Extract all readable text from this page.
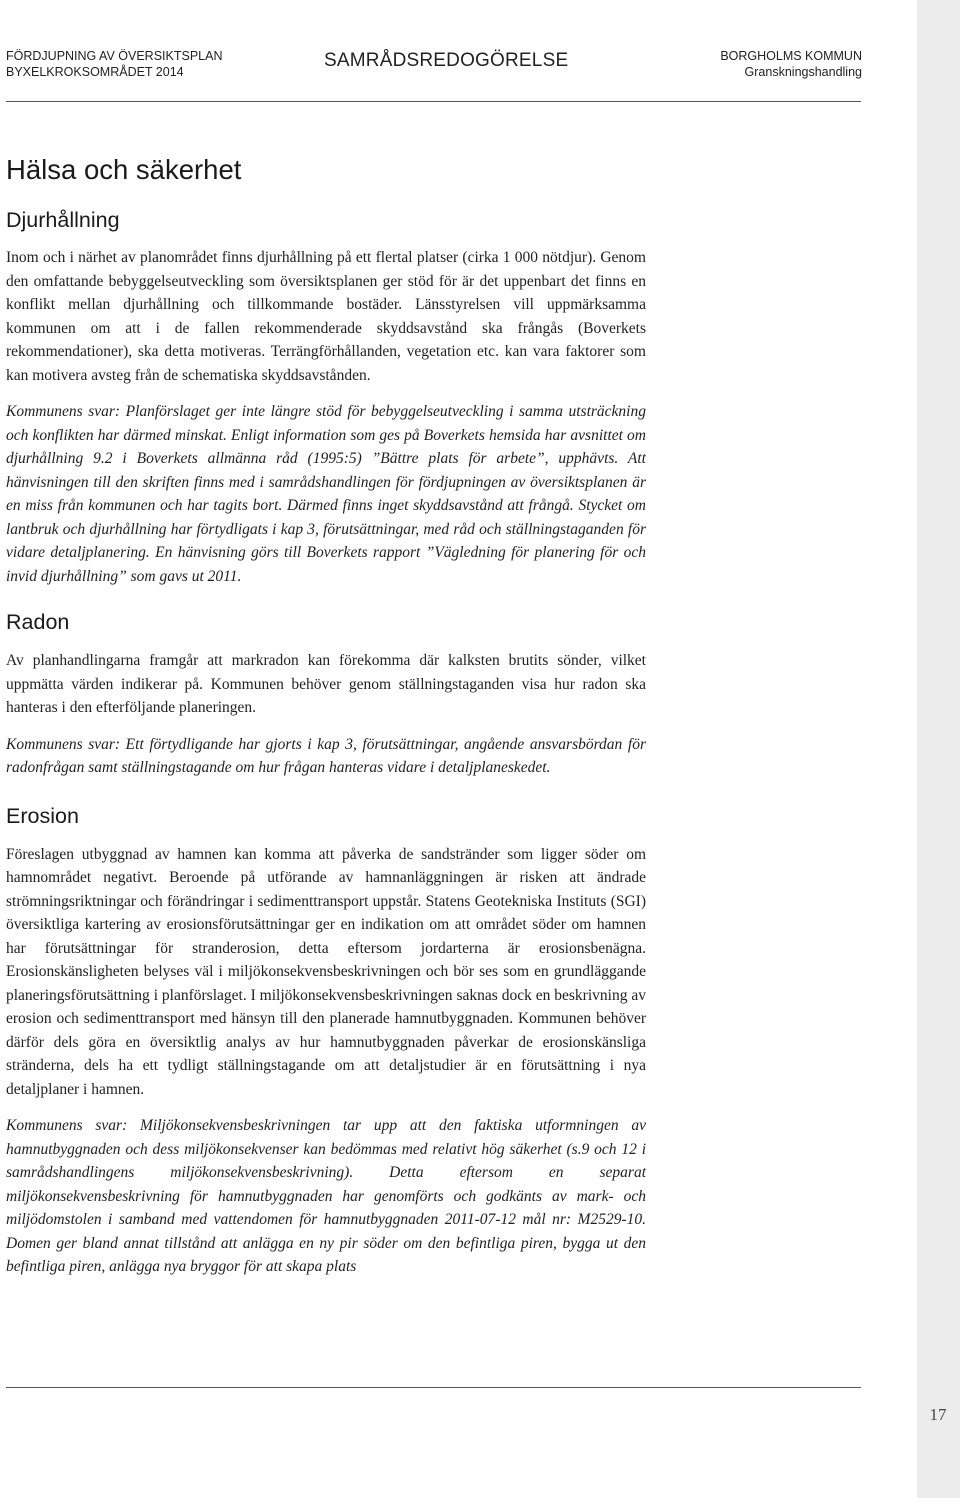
FÖRDJUPNING AV ÖVERSIKTSPLAN
BYXELKROKSOMRÅDET 2014
SAMRÅDSREDOGÖRELSE	BORGHOLMS KOMMUN
Granskningshandling
Hälsa och säkerhet
Djurhållning

Inom och i närhet av planområdet finns djurhållning på ett flertal platser (cirka 1 000 nötdjur). Genom den omfattande bebyggelseutveckling som översiktsplanen ger stöd för är det uppenbart det finns en konflikt mellan djurhållning och tillkommande bostäder. Länsstyrelsen vill uppmärksamma kommunen om att i de fallen rekommenderade skyddsavstånd ska frångås (Boverkets rekommendationer), ska detta motiveras. Terrängförhållanden, vegetation etc. kan vara faktorer som kan motivera avsteg från de schematiska skyddsavstånden.

Kommunens svar: Planförslaget ger inte längre stöd för bebyggelseutveckling i samma utsträckning och konflikten har därmed minskat. Enligt information som ges på Boverkets hemsida har avsnittet om djurhållning 9.2 i Boverkets allmänna råd (1995:5) ”Bättre plats för arbete”, upphävts. Att hänvisningen till den skriften finns med i samrådshandlingen för fördjupningen av översiktsplanen är en miss från kommunen och har tagits bort. Därmed finns inget skyddsavstånd att frångå. Stycket om lantbruk och djurhållning har förtydligats i kap 3, förutsättningar, med råd och ställningstaganden för vidare detaljplanering. En hänvisning görs till Boverkets rapport ”Vägledning för planering för och invid djurhållning” som gavs ut 2011.

Radon

Av planhandlingarna framgår att markradon kan förekomma där kalksten brutits sönder, vilket uppmätta värden indikerar på. Kommunen behöver genom ställningstaganden visa hur radon ska hanteras i den efterföljande planeringen.

Kommunens svar: Ett förtydligande har gjorts i kap 3, förutsättningar, angående ansvarsbördan för radonfrågan samt ställningstagande om hur frågan hanteras vidare i detaljplaneskedet.

Erosion

Föreslagen utbyggnad av hamnen kan komma att påverka de sandstränder som ligger söder om hamnområdet negativt. Beroende på utförande av hamnanläggningen är risken att ändrade strömningsriktningar och förändringar i sedimenttransport uppstår. Statens Geotekniska Instituts (SGI) översiktliga kartering av erosionsförutsättningar ger en indikation om att området söder om hamnen har förutsättningar för stranderosion, detta eftersom jordarterna är erosionsbenägna. Erosionskänsligheten belyses väl i miljökonsekvensbeskrivningen och bör ses som en grundläggande planeringsförutsättning i planförslaget. I miljökonsekvensbeskrivningen saknas dock en beskrivning av erosion och sedimenttransport med hänsyn till den planerade hamnutbyggnaden. Kommunen behöver därför dels göra en översiktlig analys av hur hamnutbyggnaden påverkar de erosionskänsliga stränderna, dels ha ett tydligt ställningstagande om att detaljstudier är en förutsättning i nya detaljplaner i hamnen.

Kommunens svar: Miljökonsekvensbeskrivningen tar upp att den faktiska utformningen av hamnutbyggnaden och dess miljökonsekvenser kan bedömmas med relativt hög säkerhet (s.9 och 12 i samrådshandlingens miljökonsekvensbeskrivning). Detta eftersom en separat miljökonsekvensbeskrivning för hamnutbyggnaden har genomförts och godkänts av mark- och miljödomstolen i samband med vattendomen för hamnutbyggnaden 2011-07-12 mål nr: M2529-10. Domen ger bland annat tillstånd att anlägga en ny pir söder om den befintliga piren, bygga ut den befintliga piren, anlägga nya bryggor för att skapa plats

17
